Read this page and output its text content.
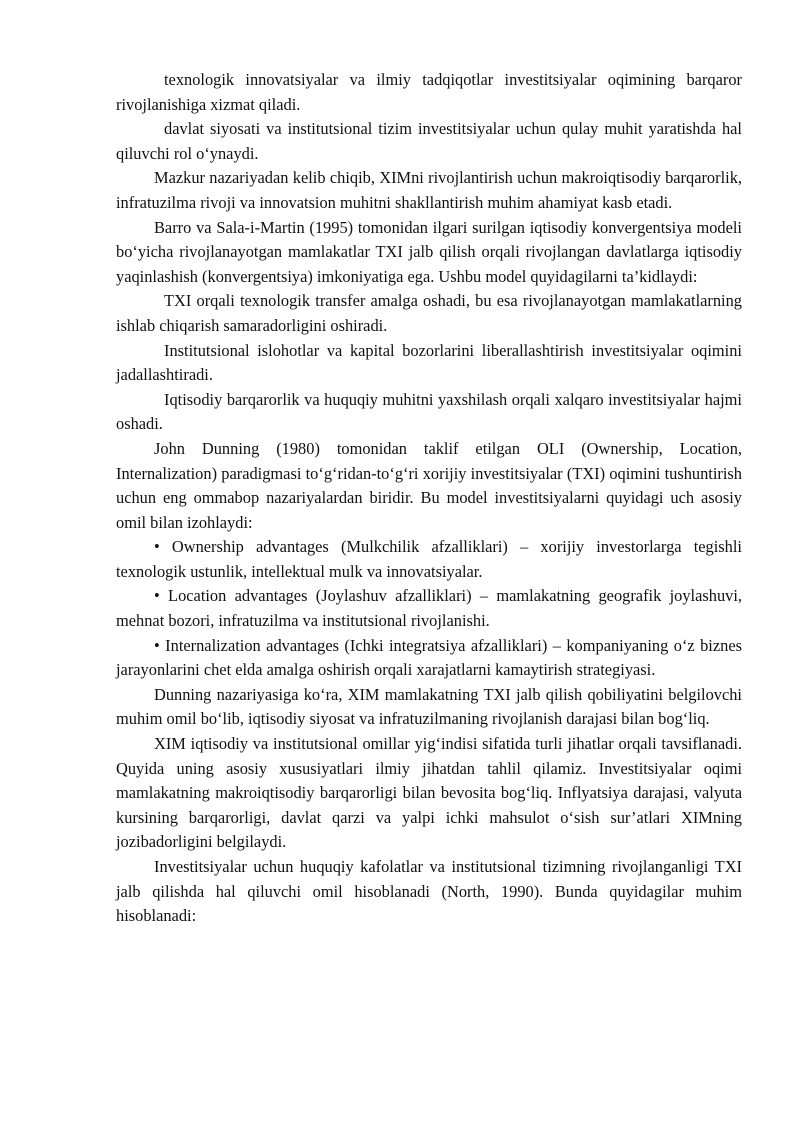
texnologik innovatsiyalar va ilmiy tadqiqotlar investitsiyalar oqimining barqaror rivojlanishiga xizmat qiladi.

davlat siyosati va institutsional tizim investitsiyalar uchun qulay muhit yaratishda hal qiluvchi rol o‘ynaydi.

Mazkur nazariyadan kelib chiqib, XIMni rivojlantirish uchun makroiqtisodiy barqarorlik, infratuzilma rivoji va innovatsion muhitni shakllantirish muhim ahamiyat kasb etadi.

Barro va Sala-i-Martin (1995) tomonidan ilgari surilgan iqtisodiy konvergentsiya modeli bo‘yicha rivojlanayotgan mamlakatlar TXI jalb qilish orqali rivojlangan davlatlarga iqtisodiy yaqinlashish (konvergentsiya) imkoniyatiga ega. Ushbu model quyidagilarni ta’kidlaydi:

TXI orqali texnologik transfer amalga oshadi, bu esa rivojlanayotgan mamlakatlarning ishlab chiqarish samaradorligini oshiradi.

Institutsional islohotlar va kapital bozorlarini liberallashtirish investitsiyalar oqimini jadallashtiradi.

Iqtisodiy barqarorlik va huquqiy muhitni yaxshilash orqali xalqaro investitsiyalar hajmi oshadi.

John Dunning (1980) tomonidan taklif etilgan OLI (Ownership, Location, Internalization) paradigmasi to‘g‘ridan-to‘g‘ri xorijiy investitsiyalar (TXI) oqimini tushuntirish uchun eng ommabop nazariyalardan biridir. Bu model investitsiyalarni quyidagi uch asosiy omil bilan izohlaydi:

• Ownership advantages (Mulkchilik afzalliklari) – xorijiy investorlarga tegishli texnologik ustunlik, intellektual mulk va innovatsiyalar.

• Location advantages (Joylashuv afzalliklari) – mamlakatning geografik joylashuvi, mehnat bozori, infratuzilma va institutsional rivojlanishi.

• Internalization advantages (Ichki integratsiya afzalliklari) – kompaniyaning o‘z biznes jarayonlarini chet elda amalga oshirish orqali xarajatlarni kamaytirish strategiyasi.

Dunning nazariyasiga ko‘ra, XIM mamlakatning TXI jalb qilish qobiliyatini belgilovchi muhim omil bo‘lib, iqtisodiy siyosat va infratuzilmaning rivojlanish darajasi bilan bog‘liq.

XIM iqtisodiy va institutsional omillar yig‘indisi sifatida turli jihatlar orqali tavsiflanadi. Quyida uning asosiy xususiyatlari ilmiy jihatdan tahlil qilamiz. Investitsiyalar oqimi mamlakatning makroiqtisodiy barqarorligi bilan bevosita bog‘liq. Inflyatsiya darajasi, valyuta kursining barqarorligi, davlat qarzi va yalpi ichki mahsulot o‘sish sur’atlari XIMning jozibadorligini belgilaydi.

Investitsiyalar uchun huquqiy kafolatlar va institutsional tizimning rivojlanganligi TXI jalb qilishda hal qiluvchi omil hisoblanadi (North, 1990). Bunda quyidagilar muhim hisoblanadi:
